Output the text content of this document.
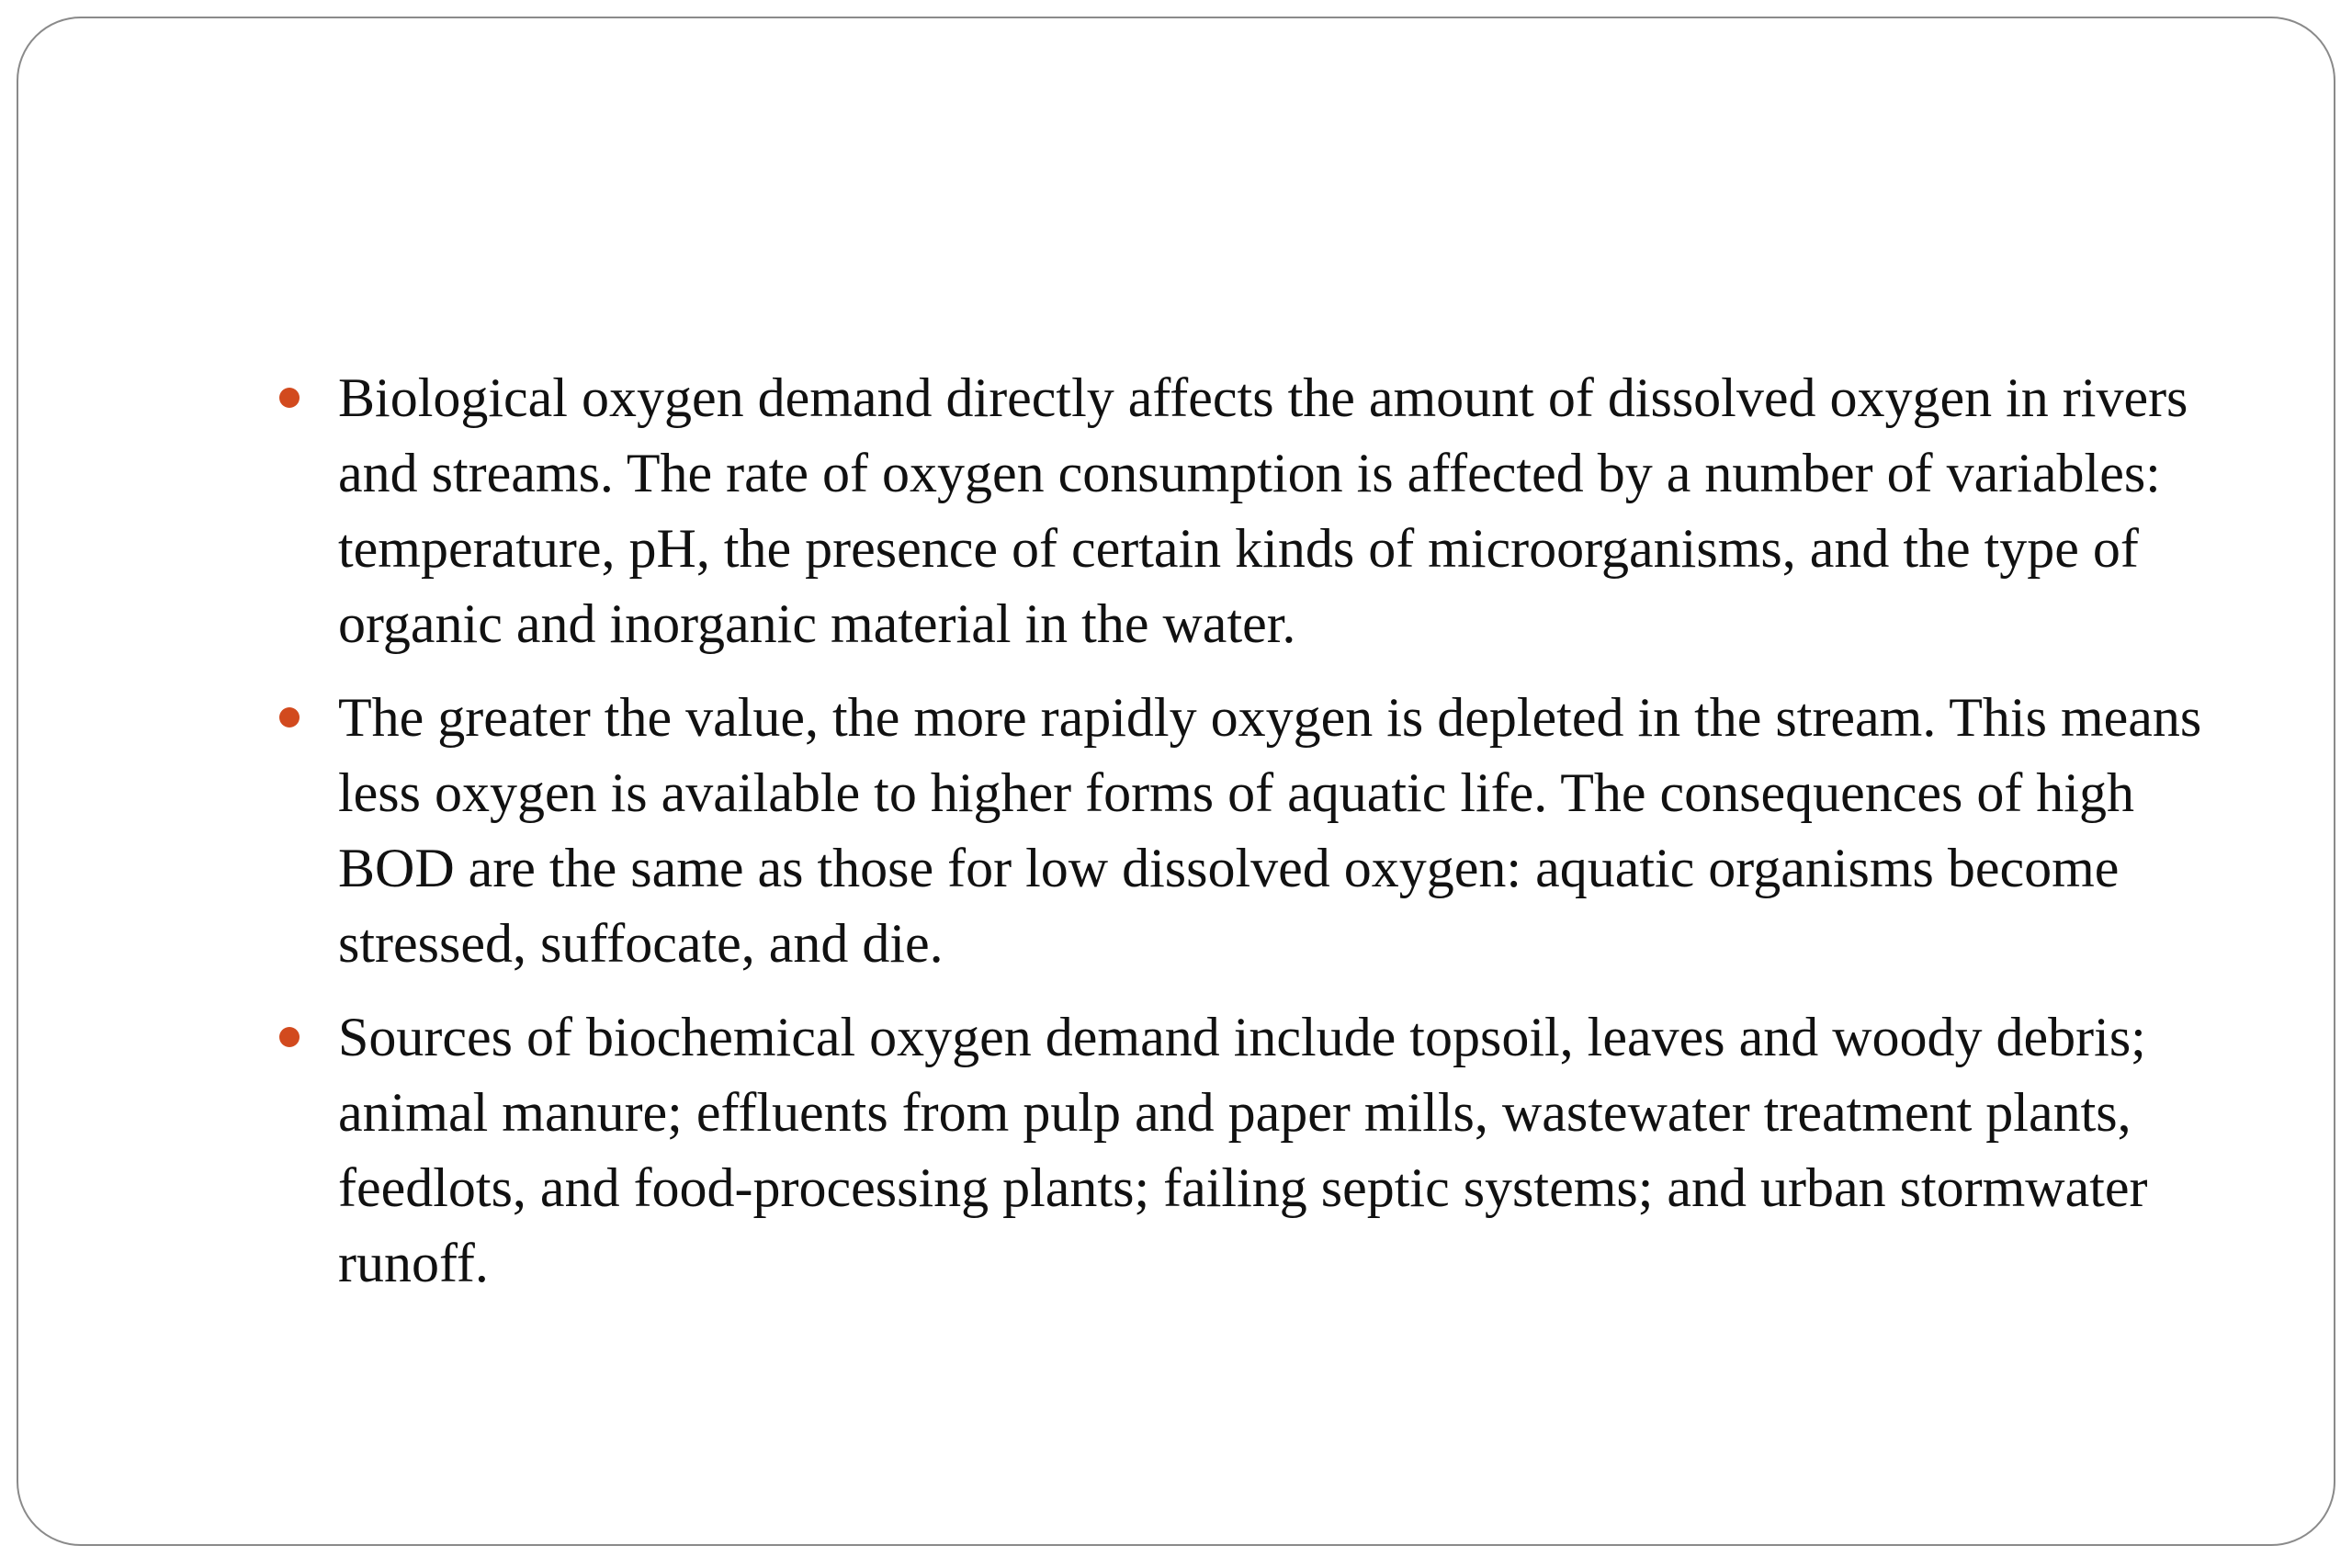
Biological oxygen demand directly affects the amount of dissolved oxygen in rivers and streams. The rate of oxygen consumption is affected by a number of variables: temperature, pH, the presence of certain kinds of microorganisms, and the type of organic and inorganic material in the water.
The greater the value, the more rapidly oxygen is depleted in the stream. This means less oxygen is available to higher forms of aquatic life. The consequences of high BOD are the same as those for low dissolved oxygen: aquatic organisms become stressed, suffocate, and die.
Sources of biochemical oxygen demand include topsoil, leaves and woody debris; animal manure; effluents from pulp and paper mills, wastewater treatment plants, feedlots, and food-processing plants; failing septic systems; and urban stormwater runoff.
